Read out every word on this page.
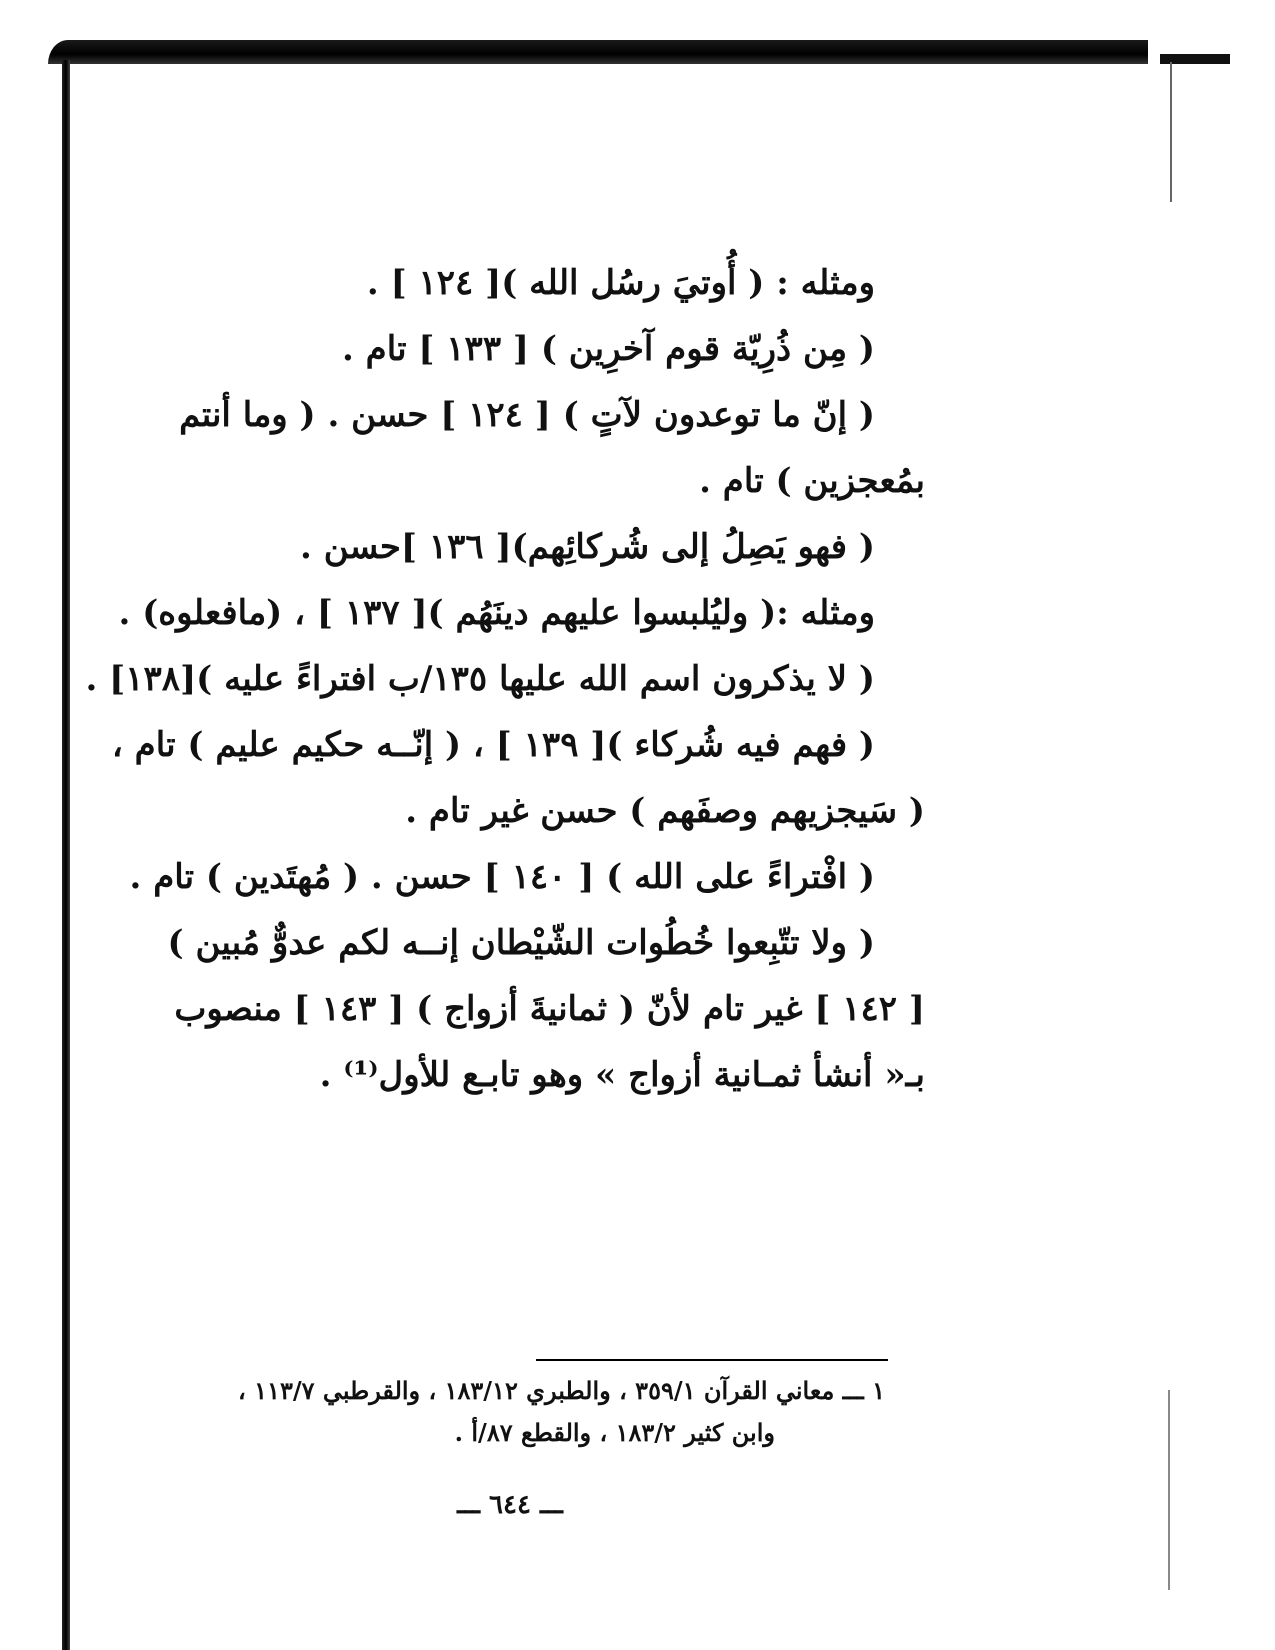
ومثله : ( أُوتيَ رسُل الله )[ ١٢٤ ] .
( مِن ذُرِيّة قوم آخرِين ) [ ١٣٣ ] تام .
( إنّ ما توعدون لآتٍ ) [ ١٢٤ ] حسن . ( وما أنتم
بمُعجزين ) تام .
( فهو يَصِلُ إلى شُركائِهم)[ ١٣٦ ]حسن .
ومثله :( وليُلبسوا عليهم دينَهُم )[ ١٣٧ ] ، (مافعلوه) .
( لا يذكرون اسم الله عليها ١٣٥/ب افتراءً عليه )[١٣٨] .
( فهم فيه شُركاء )[ ١٣٩ ] ، ( إنّــه حكيم عليم ) تام ،
( سَيجزيهم وصفَهم ) حسن غير تام .
( افْتراءً على الله ) [ ١٤٠ ] حسن . ( مُهتَدين ) تام .
( ولا تتّبِعوا خُطُوات الشّيْطان إنــه لكم عدوٌّ مُبين )
[ ١٤٢ ] غير تام لأنّ ( ثمانيةَ أزواج ) [ ١٤٣ ] منصوب
بـ« أنشأ ثمـانية أزواج » وهو تابـع للأول⁽¹⁾ .
١ ـــ معاني القرآن ٣٥٩/١ ، والطبري ١٨٣/١٢ ، والقرطبي ١١٣/٧ ،
وابن كثير ١٨٣/٢ ، والقطع ٨٧/أ .
ـــ ٦٤٤ ـــ
